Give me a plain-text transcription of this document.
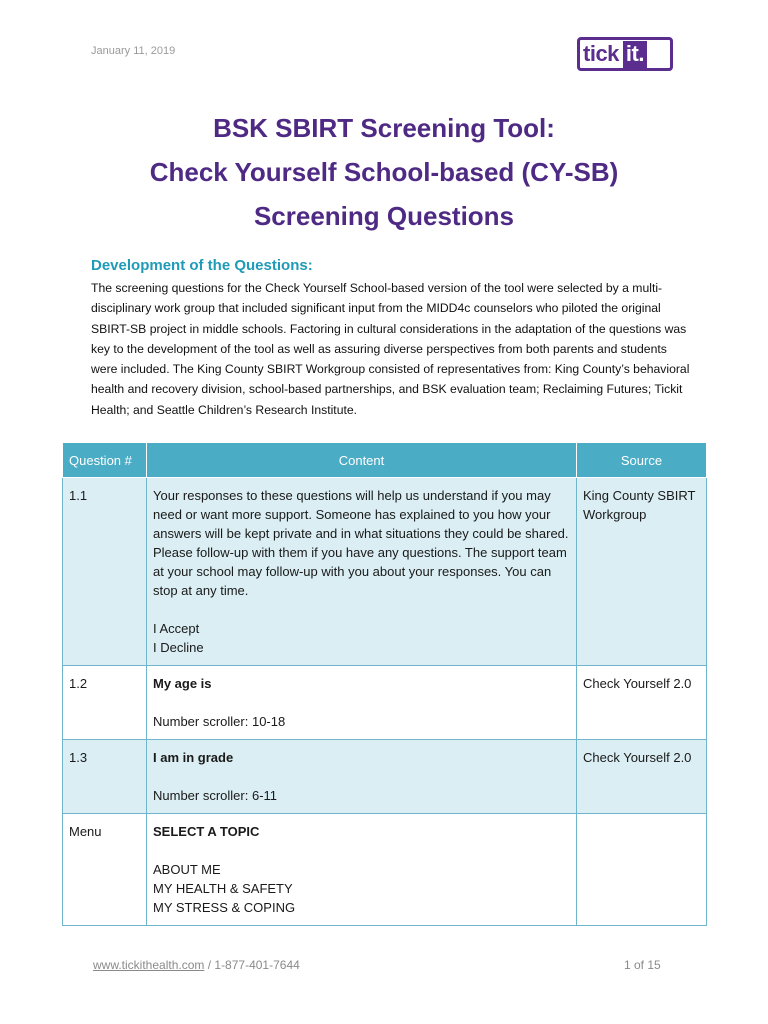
January 11, 2019	tick it.
BSK SBIRT Screening Tool:
Check Yourself School-based (CY-SB)
Screening Questions
Development of the Questions:
The screening questions for the Check Yourself School-based version of the tool were selected by a multi-disciplinary work group that included significant input from the MIDD4c counselors who piloted the original SBIRT-SB project in middle schools. Factoring in cultural considerations in the adaptation of the questions was key to the development of the tool as well as assuring diverse perspectives from both parents and students were included. The King County SBIRT Workgroup consisted of representatives from: King County’s behavioral health and recovery division, school-based partnerships, and BSK evaluation team; Reclaiming Futures; Tickit Health; and Seattle Children’s Research Institute.
Question #	Content	Source
1.1	Your responses to these questions will help us understand if you may need or want more support. Someone has explained to you how your answers will be kept private and in what situations they could be shared. Please follow-up with them if you have any questions. The support team at your school may follow-up with you about your responses. You can stop at any time.
I Accept
I Decline	King County SBIRT Workgroup
1.2	My age is
Number scroller: 10-18	Check Yourself 2.0
1.3	I am in grade
Number scroller: 6-11	Check Yourself 2.0
Menu	SELECT A TOPIC
ABOUT ME
MY HEALTH & SAFETY
MY STRESS & COPING	

www.tickithealth.com / 1-877-401-7644	1 of 15
